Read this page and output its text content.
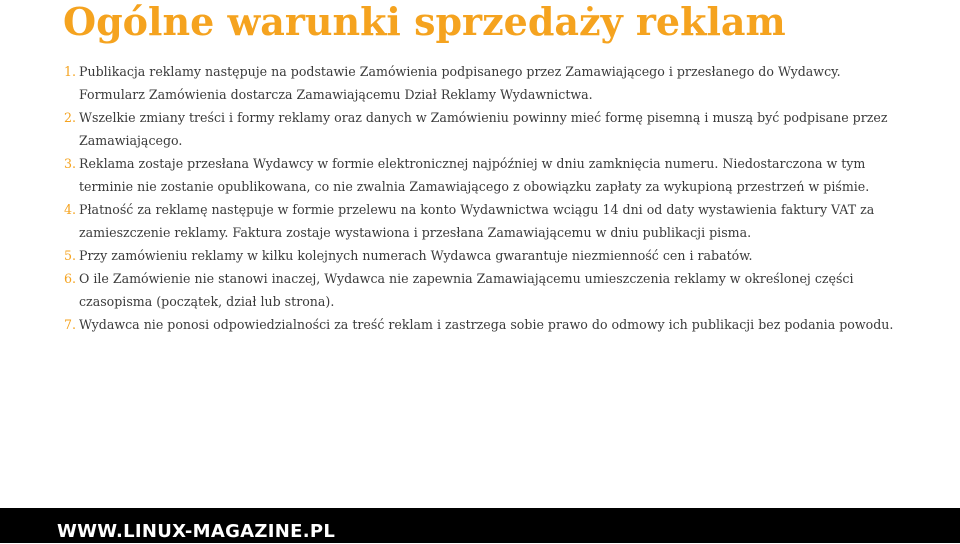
Ogólne warunki sprzedaży reklam
1. Publikacja reklamy następuje na podstawie Zamówienia podpisanego przez Zamawiającego i przesłanego do Wydawcy. Formularz Zamówienia dostarcza Zamawiającemu Dział Reklamy Wydawnictwa.
2. Wszelkie zmiany treści i formy reklamy oraz danych w Zamówieniu powinny mieć formę pisemną i muszą być podpisane przez Zamawiającego.
3. Reklama zostaje przesłana Wydawcy w formie elektronicznej najpóźniej w dniu zamknięcia numeru. Niedostarczona w tym terminie nie zostanie opublikowana, co nie zwalnia Zamawiającego z obowiązku zapłaty za wykupioną przestrzeń w piśmie.
4. Płatność za reklamę następuje w formie przelewu na konto Wydawnictwa wciągu 14 dni od daty wystawienia faktury VAT za zamieszczenie reklamy. Faktura zostaje wystawiona i przesłana Zamawiającemu w dniu publikacji pisma.
5. Przy zamówieniu reklamy w kilku kolejnych numerach Wydawca gwarantuje niezmienność cen i rabatów.
6. O ile Zamówienie nie stanowi inaczej, Wydawca nie zapewnia Zamawiającemu umieszczenia reklamy w określonej części czasopisma (początek, dział lub strona).
7. Wydawca nie ponosi odpowiedzialności za treść reklam i zastrzega sobie prawo do odmowy ich publikacji bez podania powodu.
WWW.LINUX-MAGAZINE.PL
